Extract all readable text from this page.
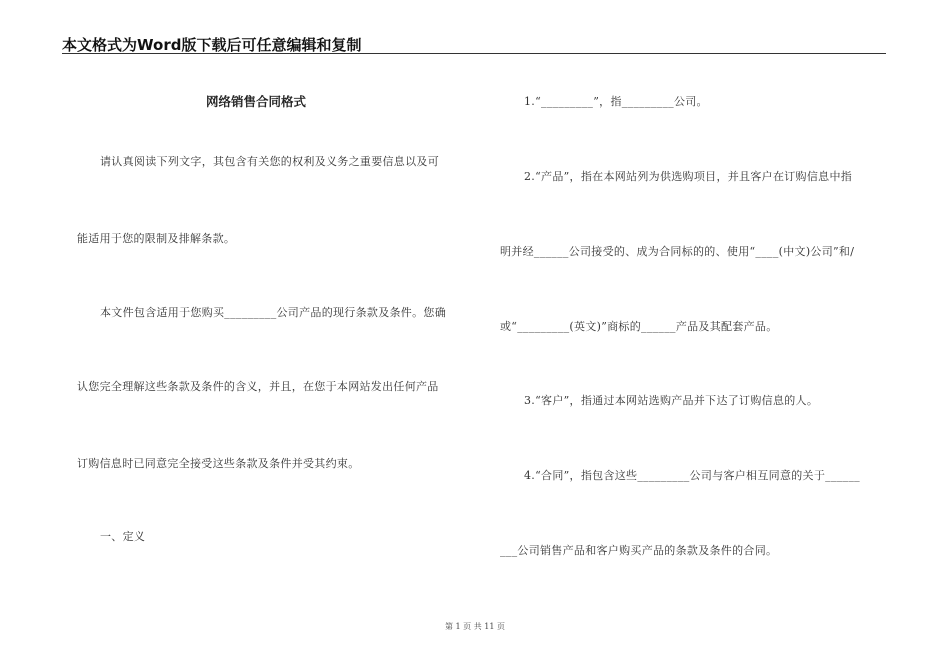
本文格式为Word版下载后可任意编辑和复制
网络销售合同格式
请认真阅读下列文字，其包含有关您的权利及义务之重要信息以及可
能适用于您的限制及排解条款。
本文件包含适用于您购买_________公司产品的现行条款及条件。您确
认您完全理解这些条款及条件的含义，并且，在您于本网站发出任何产品
订购信息时已同意完全接受这些条款及条件并受其约束。
一、定义
1.“_________”，指_________公司。
2.“产品”，指在本网站列为供选购项目，并且客户在订购信息中指
明并经______公司接受的、成为合同标的的、使用“____(中文)公司”和/
或“_________(英文)”商标的______产品及其配套产品。
3.“客户”，指通过本网站选购产品并下达了订购信息的人。
4.“合同”，指包含这些_________公司与客户相互同意的关于______
___公司销售产品和客户购买产品的条款及条件的合同。
第 1 页 共 11 页
